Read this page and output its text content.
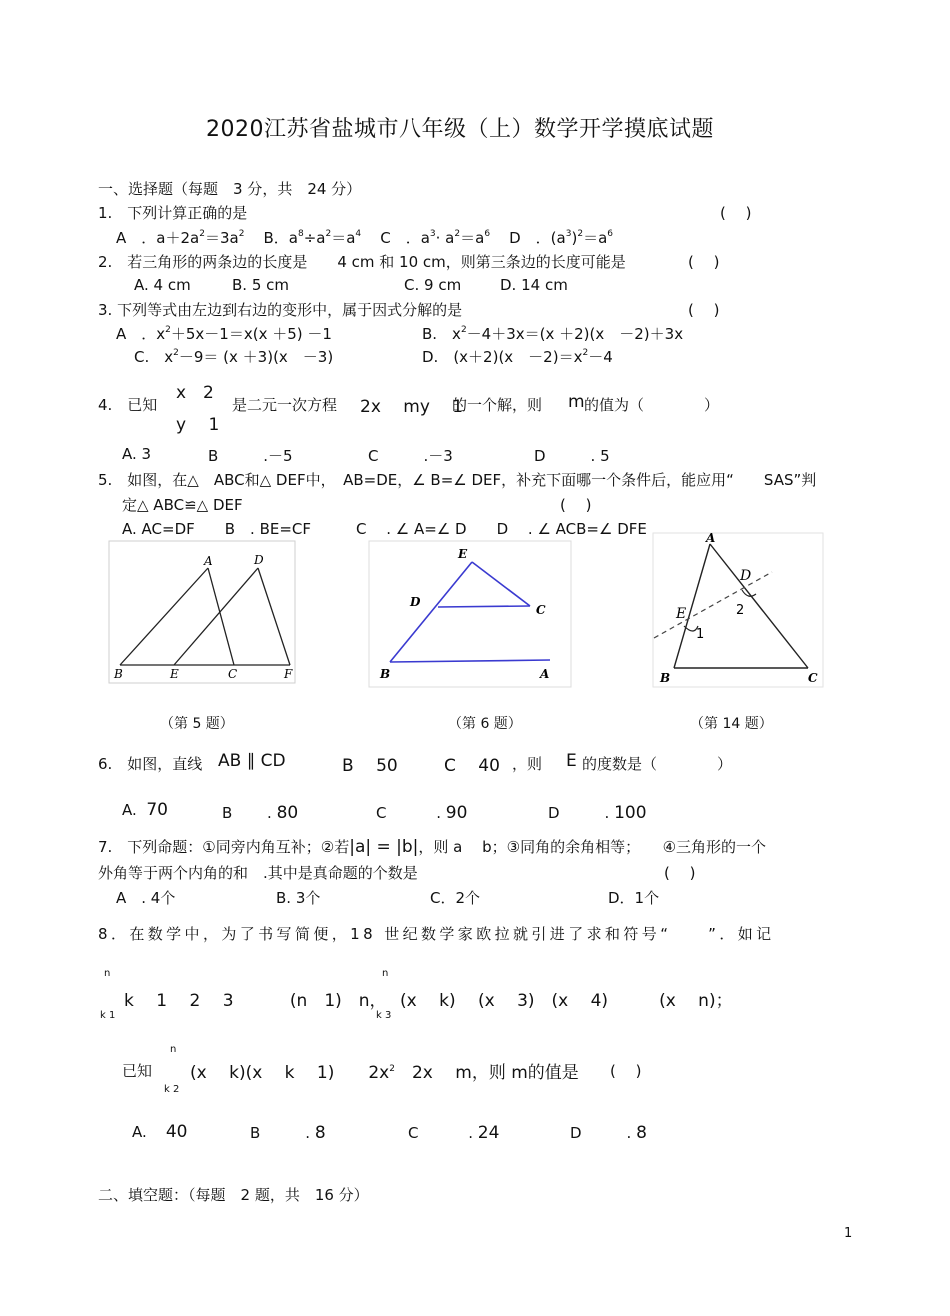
2020江苏省盐城市八年级（上）数学开学摸底试题
一、选择题（每题　3 分，共　24 分）
1.　下列计算正确的是	(　 )
A　．$a+2a^2=3a^2$ B．$a^8\div a^2=a^4$ C　．$a^3\cdot a^2=a^6$ D　．$(a^3)^2=a^6$
2.　若三角形的两条边的长度是　　4 cm 和 10 cm，则第三条边的长度可能是	(　 )
A. 4 cm	B. 5 cm	C. 9 cm	D. 14 cm
3. 下列等式由左边到右边的变形中，属于因式分解的是	(　 )
A　．$x^2+5x-1=x(x +5) -1$	B.　$x^2-4+3x=(x +2)(x$　－2)＋3x
C.　$x^2-9= (x +3)(x$　－3)	D.　(x＋2)(x　$-2)=x^2-4$
4.　已知
x　2
y　 1
是二元一次方程 2x　 my　 1
的一个解，则 m 的值为（　　　　）
A. 3	B　　　.－5	C　　　.－3	D　　　. 5
5.　如图，在△　ABC和△ DEF中，　AB=DE，∠ B=∠ DEF，补充下面哪一个条件后，能应用“　　SAS”判
定△ ABC≌△ DEF	(　 )
A. AC=DF　　B　. BE=CF　　　C　 . ∠ A=∠ D　　D　 . ∠ ACB=∠ DFE
A	D
B	E	C	F
（第 5 题）
E
D
C
B	A
（第 6 题）
A
D
E	2
1
B	C
（第 14 题）
6.　如图，直线 AB ∥ CD	B　 50	C　 40 ，则 E 的度数是（　　　　）
A. 70	B　　 . 80	C　　　 . 90	D　　　. 100
7.　下列命题：①同旁内角互补；②若|a| = |b|，则 a　 b；③同角的余角相等；　　④三角形的一个
外角等于两个内角的和　.其中是真命题的个数是	(　 )
A　. 4个	B. 3个	C．2个	D．1个
8．在数学中，为了书写简便，18 世纪数学家欧拉就引进了求和符号“　　”．如记
n
k 1
k　 1　 2　 3　　　 (n　1)　n，
n
k 3
(x　 k)　 (x　 3)　(x　 4)　　　(x　 n)；
已知
n
k 2
(x　 k)(x　 k　 1)　　$2x^2$　2x　 m，则 m的值是 (　 )
A. 40	B　　　. 8	C　　　 . 24	D　　　. 8
二、填空题：（每题　2 题，共　16 分）
1
